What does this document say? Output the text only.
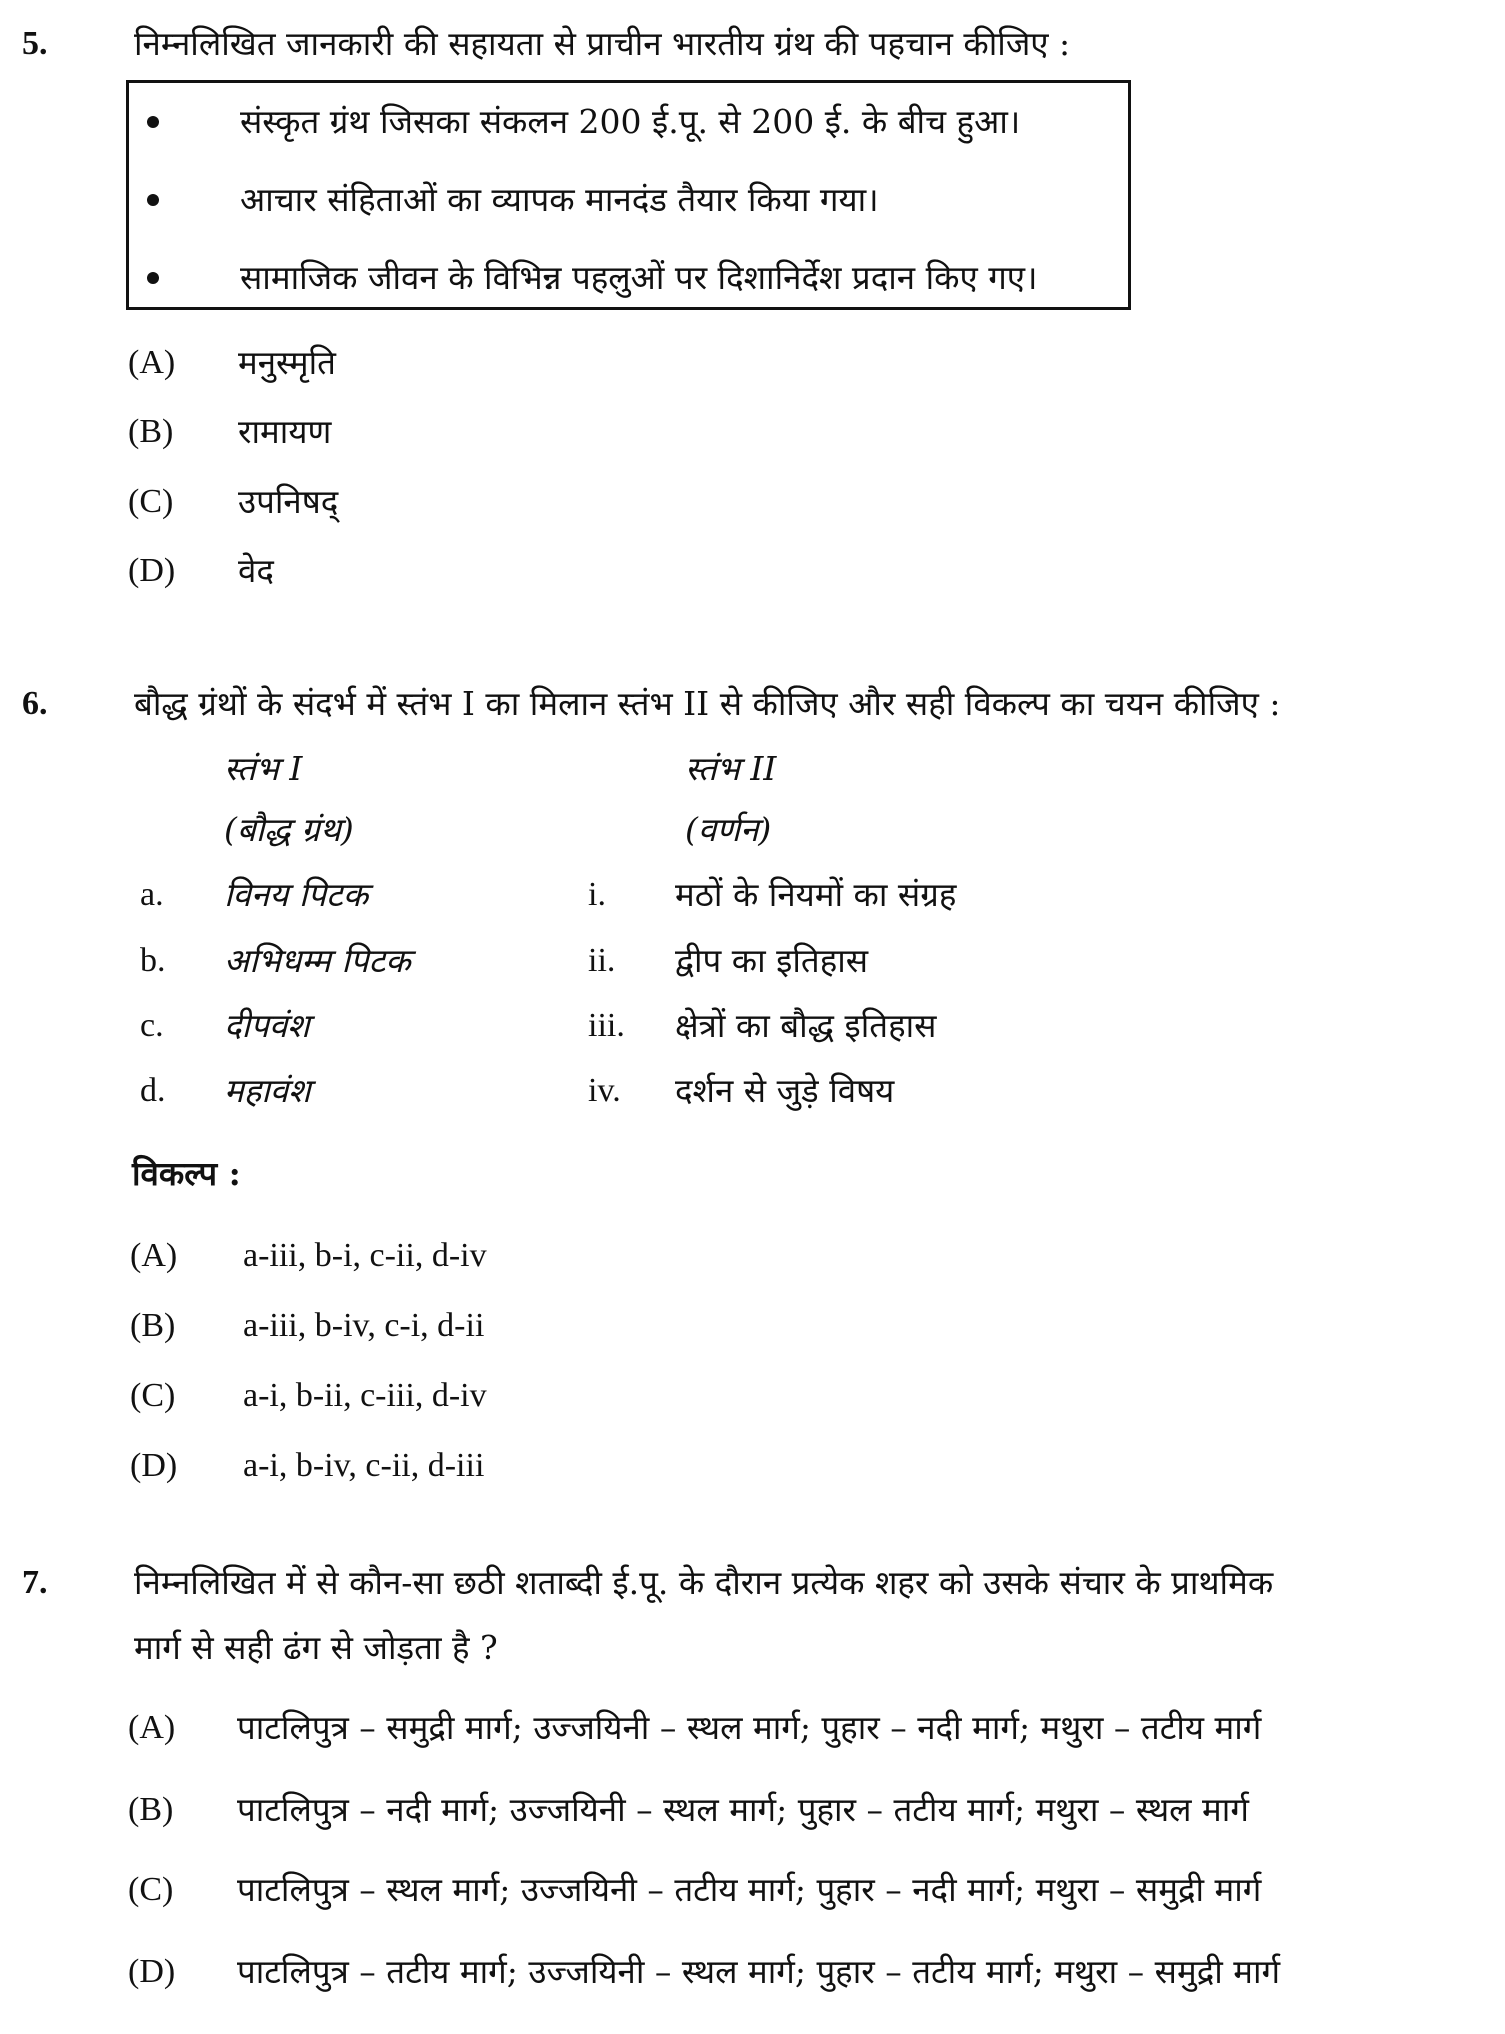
5.	निम्नलिखित जानकारी की सहायता से प्राचीन भारतीय ग्रंथ की पहचान कीजिए :
संस्कृत ग्रंथ जिसका संकलन 200 ई.पू. से 200 ई. के बीच हुआ।
आचार संहिताओं का व्यापक मानदंड तैयार किया गया।
सामाजिक जीवन के विभिन्न पहलुओं पर दिशानिर्देश प्रदान किए गए।
(A) मनुस्मृति
(B) रामायण
(C) उपनिषद्
(D) वेद
6.	बौद्ध ग्रंथों के संदर्भ में स्तंभ I का मिलान स्तंभ II से कीजिए और सही विकल्प का चयन कीजिए :
स्तंभ I	स्तंभ II
(बौद्ध ग्रंथ)	(वर्णन)
a. विनय पिटक	i. मठों के नियमों का संग्रह
b. अभिधम्म पिटक	ii. द्वीप का इतिहास
c. दीपवंश	iii. क्षेत्रों का बौद्ध इतिहास
d. महावंश	iv. दर्शन से जुड़े विषय
विकल्प :
(A) a-iii, b-i, c-ii, d-iv
(B) a-iii, b-iv, c-i, d-ii
(C) a-i, b-ii, c-iii, d-iv
(D) a-i, b-iv, c-ii, d-iii
7.	निम्नलिखित में से कौन-सा छठी शताब्दी ई.पू. के दौरान प्रत्येक शहर को उसके संचार के प्राथमिक
मार्ग से सही ढंग से जोड़ता है ?
(A) पाटलिपुत्र – समुद्री मार्ग; उज्जयिनी – स्थल मार्ग; पुहार – नदी मार्ग; मथुरा – तटीय मार्ग
(B) पाटलिपुत्र – नदी मार्ग; उज्जयिनी – स्थल मार्ग; पुहार – तटीय मार्ग; मथुरा – स्थल मार्ग
(C) पाटलिपुत्र – स्थल मार्ग; उज्जयिनी – तटीय मार्ग; पुहार – नदी मार्ग; मथुरा – समुद्री मार्ग
(D) पाटलिपुत्र – तटीय मार्ग; उज्जयिनी – स्थल मार्ग; पुहार – तटीय मार्ग; मथुरा – समुद्री मार्ग
